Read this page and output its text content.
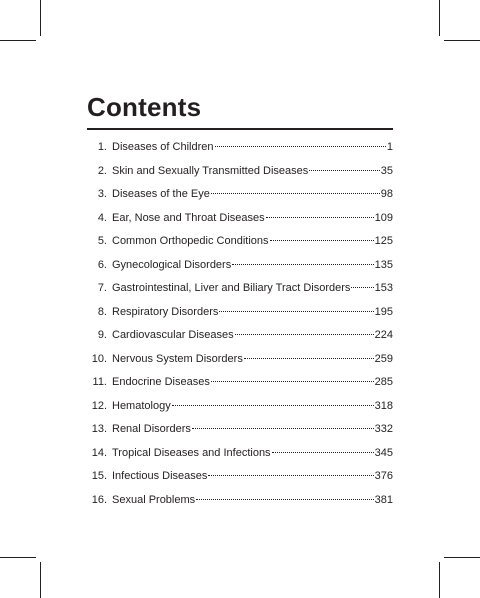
Contents
1. Diseases of Children	1
2. Skin and Sexually Transmitted Diseases	35
3. Diseases of the Eye	98
4. Ear, Nose and Throat Diseases	109
5. Common Orthopedic Conditions	125
6. Gynecological Disorders	135
7. Gastrointestinal, Liver and Biliary Tract Disorders 153
8. Respiratory Disorders	195
9. Cardiovascular Diseases	224
10. Nervous System Disorders	259
11. Endocrine Diseases	285
12. Hematology	318
13. Renal Disorders	332
14. Tropical Diseases and Infections	345
15. Infectious Diseases	376
16. Sexual Problems	381
